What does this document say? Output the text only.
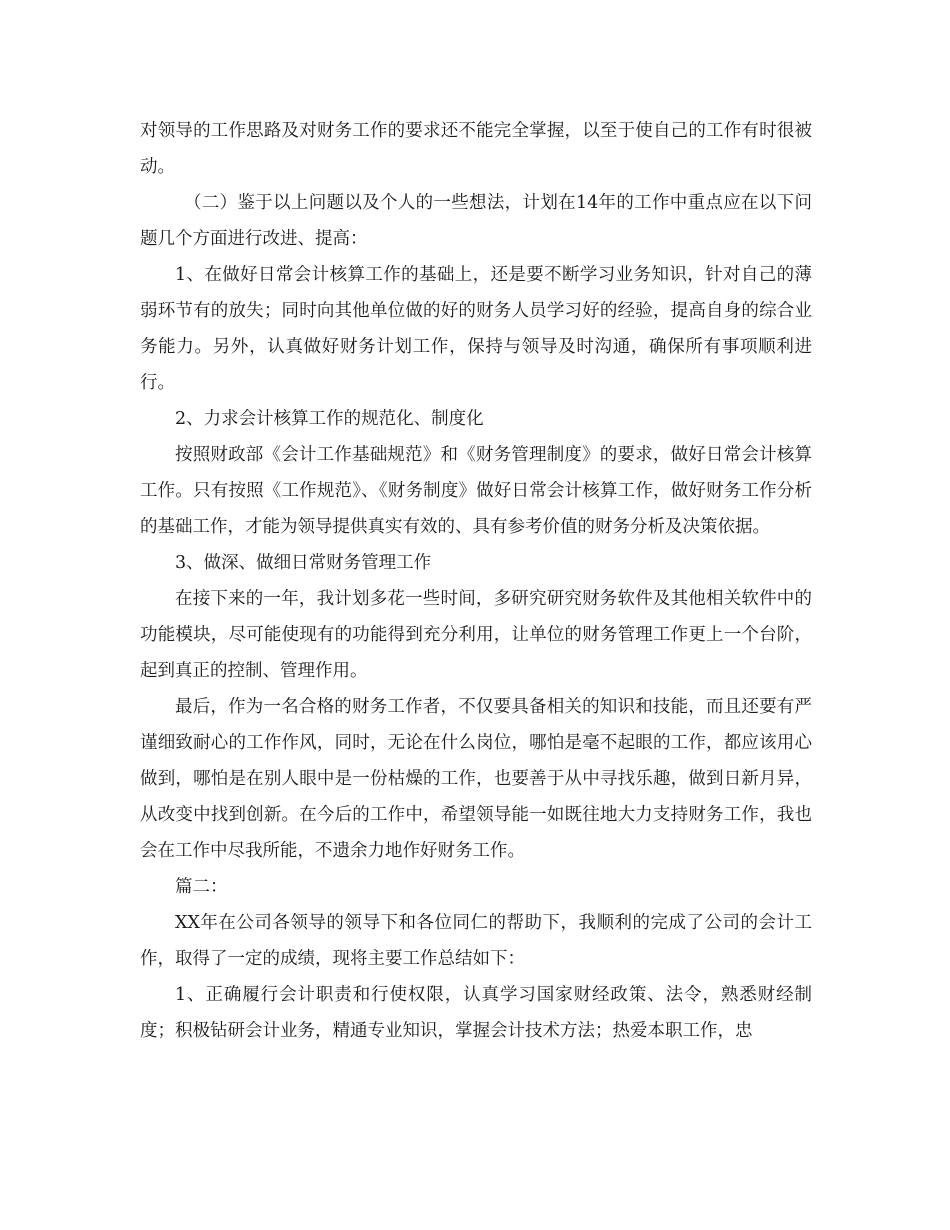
对领导的工作思路及对财务工作的要求还不能完全掌握，以至于使自己的工作有时很被动。

（二）鉴于以上问题以及个人的一些想法，计划在14年的工作中重点应在以下问题几个方面进行改进、提高：

1、在做好日常会计核算工作的基础上，还是要不断学习业务知识，针对自己的薄弱环节有的放失；同时向其他单位做的好的财务人员学习好的经验，提高自身的综合业务能力。另外，认真做好财务计划工作，保持与领导及时沟通，确保所有事项顺利进行。

2、力求会计核算工作的规范化、制度化

按照财政部《会计工作基础规范》和《财务管理制度》的要求，做好日常会计核算工作。只有按照《工作规范》、《财务制度》做好日常会计核算工作，做好财务工作分析的基础工作，才能为领导提供真实有效的、具有参考价值的财务分析及决策依据。

3、做深、做细日常财务管理工作

在接下来的一年，我计划多花一些时间，多研究研究财务软件及其他相关软件中的功能模块，尽可能使现有的功能得到充分利用，让单位的财务管理工作更上一个台阶，起到真正的控制、管理作用。

最后，作为一名合格的财务工作者，不仅要具备相关的知识和技能，而且还要有严谨细致耐心的工作作风，同时，无论在什么岗位，哪怕是毫不起眼的工作，都应该用心做到，哪怕是在别人眼中是一份枯燥的工作，也要善于从中寻找乐趣，做到日新月异，从改变中找到创新。在今后的工作中，希望领导能一如既往地大力支持财务工作，我也会在工作中尽我所能，不遗余力地作好财务工作。

篇二：

XX年在公司各领导的领导下和各位同仁的帮助下，我顺利的完成了公司的会计工作，取得了一定的成绩，现将主要工作总结如下：

1、正确履行会计职责和行使权限，认真学习国家财经政策、法令，熟悉财经制度；积极钻研会计业务，精通专业知识，掌握会计技术方法；热爱本职工作，忠
